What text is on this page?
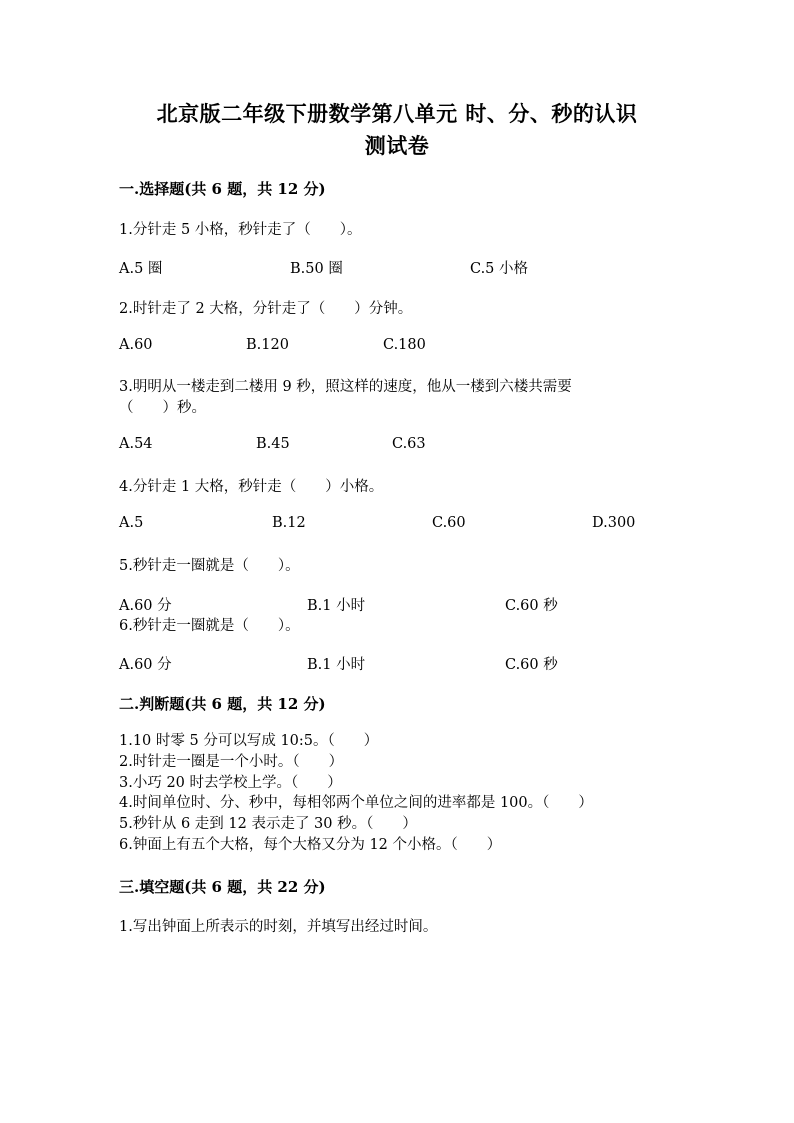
北京版二年级下册数学第八单元 时、分、秒的认识
测试卷
一.选择题(共 6 题，共 12 分)
1.分针走 5 小格，秒针走了（　　）。
A.5 圈	B.50 圈	C.5 小格
2.时针走了 2 大格，分针走了（　　）分钟。
A.60	B.120	C.180
3.明明从一楼走到二楼用 9 秒，照这样的速度，他从一楼到六楼共需要
（　　）秒。
A.54	B.45	C.63
4.分针走 1 大格，秒针走（　　）小格。
A.5	B.12	C.60	D.300
5.秒针走一圈就是（　　）。
A.60 分	B.1 小时	C.60 秒
6.秒针走一圈就是（　　）。
A.60 分	B.1 小时	C.60 秒
二.判断题(共 6 题，共 12 分)
1.10 时零 5 分可以写成 10:5。（　　）
2.时针走一圈是一个小时。（　　）
3.小巧 20 时去学校上学。（　　）
4.时间单位时、分、秒中，每相邻两个单位之间的进率都是 100。（　　）
5.秒针从 6 走到 12 表示走了 30 秒。（　　）
6.钟面上有五个大格，每个大格又分为 12 个小格。（　　）
三.填空题(共 6 题，共 22 分)
1.写出钟面上所表示的时刻，并填写出经过时间。
